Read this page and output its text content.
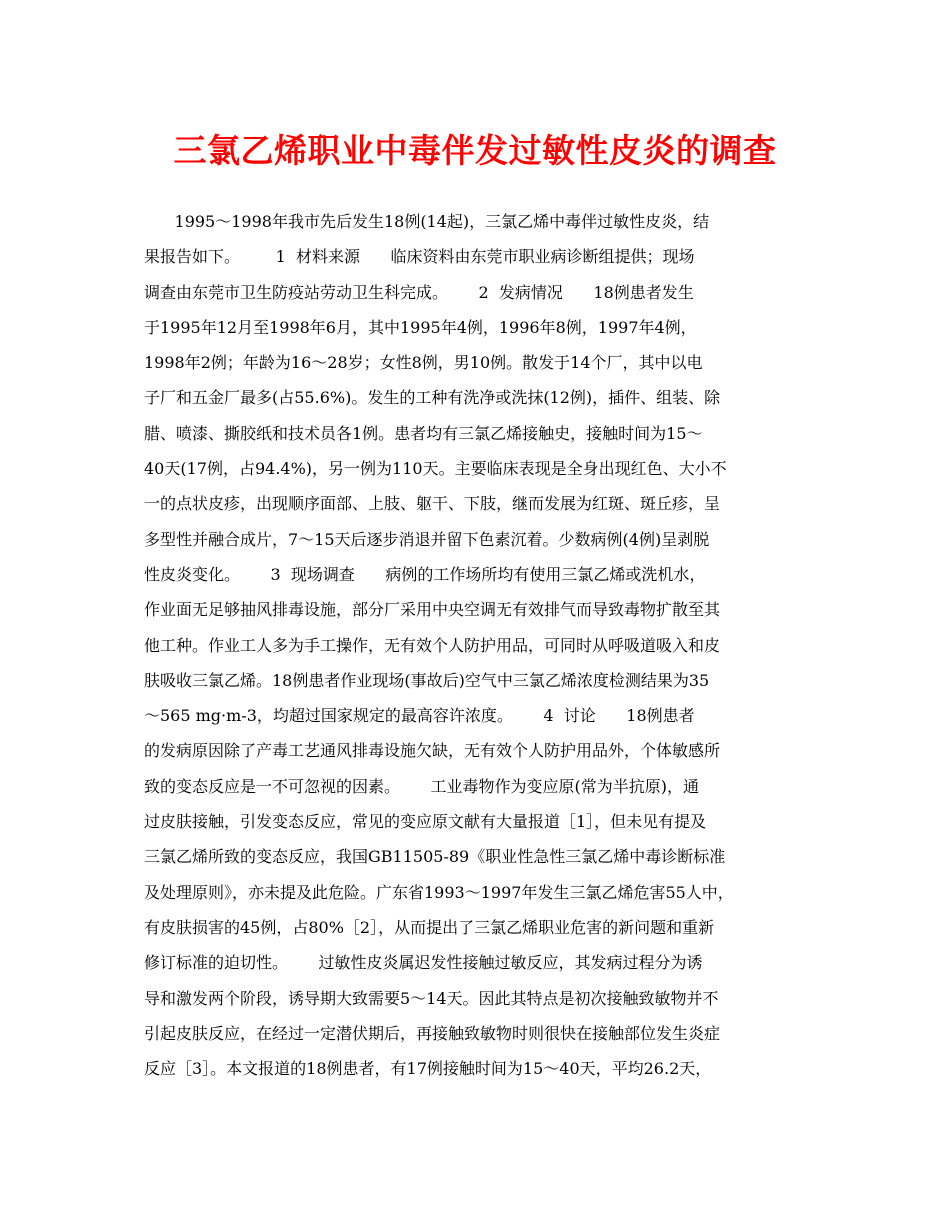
三氯乙烯职业中毒伴发过敏性皮炎的调查
1995～1998年我市先后发生18例(14起)，三氯乙烯中毒伴过敏性皮炎，结
果报告如下。       1  材料来源      临床资料由东莞市职业病诊断组提供；现场
调查由东莞市卫生防疫站劳动卫生科完成。      2  发病情况      18例患者发生
于1995年12月至1998年6月，其中1995年4例，1996年8例，1997年4例，
1998年2例；年龄为16～28岁；女性8例，男10例。散发于14个厂，其中以电
子厂和五金厂最多(占55.6%)。发生的工种有洗净或洗抹(12例)，插件、组装、除
腊、喷漆、撕胶纸和技术员各1例。患者均有三氯乙烯接触史，接触时间为15～
40天(17例，占94.4%)，另一例为110天。主要临床表现是全身出现红色、大小不
一的点状皮疹，出现顺序面部、上肢、躯干、下肢，继而发展为红斑、斑丘疹，呈
多型性并融合成片，7～15天后逐步消退并留下色素沉着。少数病例(4例)呈剥脱
性皮炎变化。      3  现场调查      病例的工作场所均有使用三氯乙烯或洗机水，
作业面无足够抽风排毒设施，部分厂采用中央空调无有效排气而导致毒物扩散至其
他工种。作业工人多为手工操作，无有效个人防护用品，可同时从呼吸道吸入和皮
肤吸收三氯乙烯。18例患者作业现场(事故后)空气中三氯乙烯浓度检测结果为35
～565 mg·m-3，均超过国家规定的最高容许浓度。      4  讨论      18例患者
的发病原因除了产毒工艺通风排毒设施欠缺，无有效个人防护用品外，个体敏感所
致的变态反应是一不可忽视的因素。      工业毒物作为变应原(常为半抗原)，通
过皮肤接触，引发变态反应，常见的变应原文献有大量报道［1］，但未见有提及
三氯乙烯所致的变态反应，我国GB11505-89《职业性急性三氯乙烯中毒诊断标准
及处理原则》，亦未提及此危险。广东省1993～1997年发生三氯乙烯危害55人中，
有皮肤损害的45例，占80%［2］，从而提出了三氯乙烯职业危害的新问题和重新
修订标准的迫切性。      过敏性皮炎属迟发性接触过敏反应，其发病过程分为诱
导和激发两个阶段，诱导期大致需要5～14天。因此其特点是初次接触致敏物并不
引起皮肤反应，在经过一定潜伏期后，再接触致敏物时则很快在接触部位发生炎症
反应［3］。本文报道的18例患者，有17例接触时间为15～40天，平均26.2天，
